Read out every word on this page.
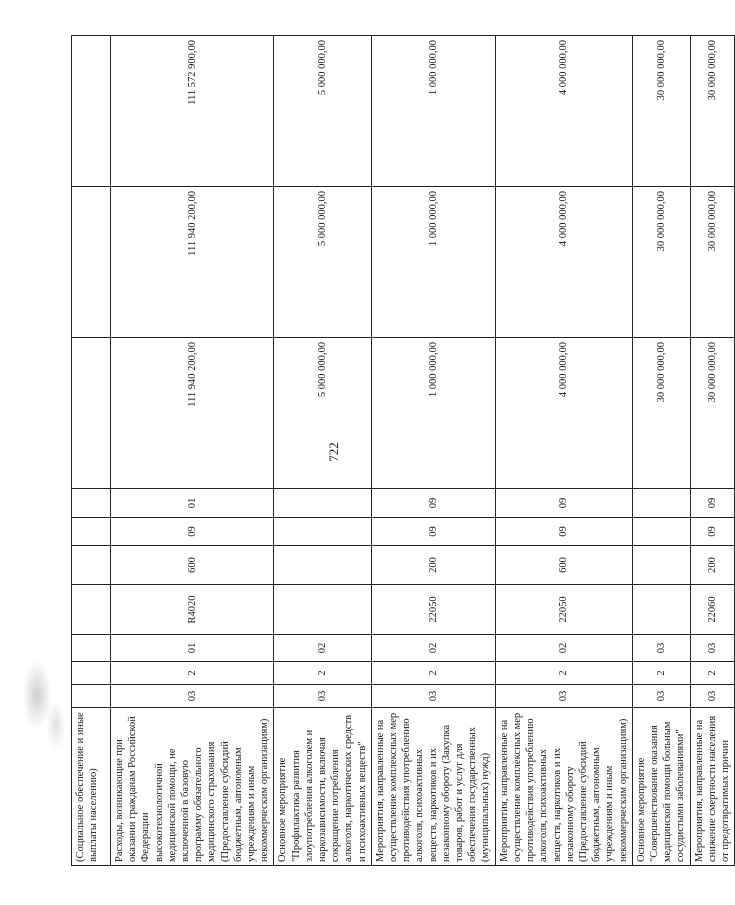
722
(Социальное обеспечение и иные выплаты населению)										
Расходы, возникающие при оказании гражданам Российской Федерации высокотехнологичной медицинской помощи, не включенной в базовую программу обязательного медицинского страхования (Предоставление субсидий бюджетным, автономным учреждениям и иным некоммерческим организациям)	03	2	01	R4020	600	09	01	111 940 200,00	111 940 200,00	111 572 900,00
Основное мероприятие "Профилактика развития злоупотребления алкоголем и наркозависимости, включая сокращение потребления алкоголя, наркотических средств и психоактивных веществ"	03	2	02					5 000 000,00	5 000 000,00	5 000 000,00
Мероприятия, направленные на осуществление комплексных мер противодействия употреблению алкоголя, психоактивных веществ, наркотиков и их незаконному обороту (Закупка товаров, работ и услуг для обеспечения государственных (муниципальных) нужд)	03	2	02	22050	200	09	09	1 000 000,00	1 000 000,00	1 000 000,00
Мероприятия, направленные на осуществление комплексных мер противодействия употреблению алкоголя, психоактивных веществ, наркотиков и их незаконному обороту (Предоставление субсидий бюджетным, автономным учреждениям и иным некоммерческим организациям)	03	2	02	22050	600	09	09	4 000 000,00	4 000 000,00	4 000 000,00
Основное мероприятие "Совершенствование оказания медицинской помощи больным сосудистыми заболеваниями"	03	2	03					30 000 000,00	30 000 000,00	30 000 000,00
Мероприятия, направленные на снижение смертности населения от предотвратимых причин	03	2	03	22060	200	09	09	30 000 000,00	30 000 000,00	30 000 000,00
